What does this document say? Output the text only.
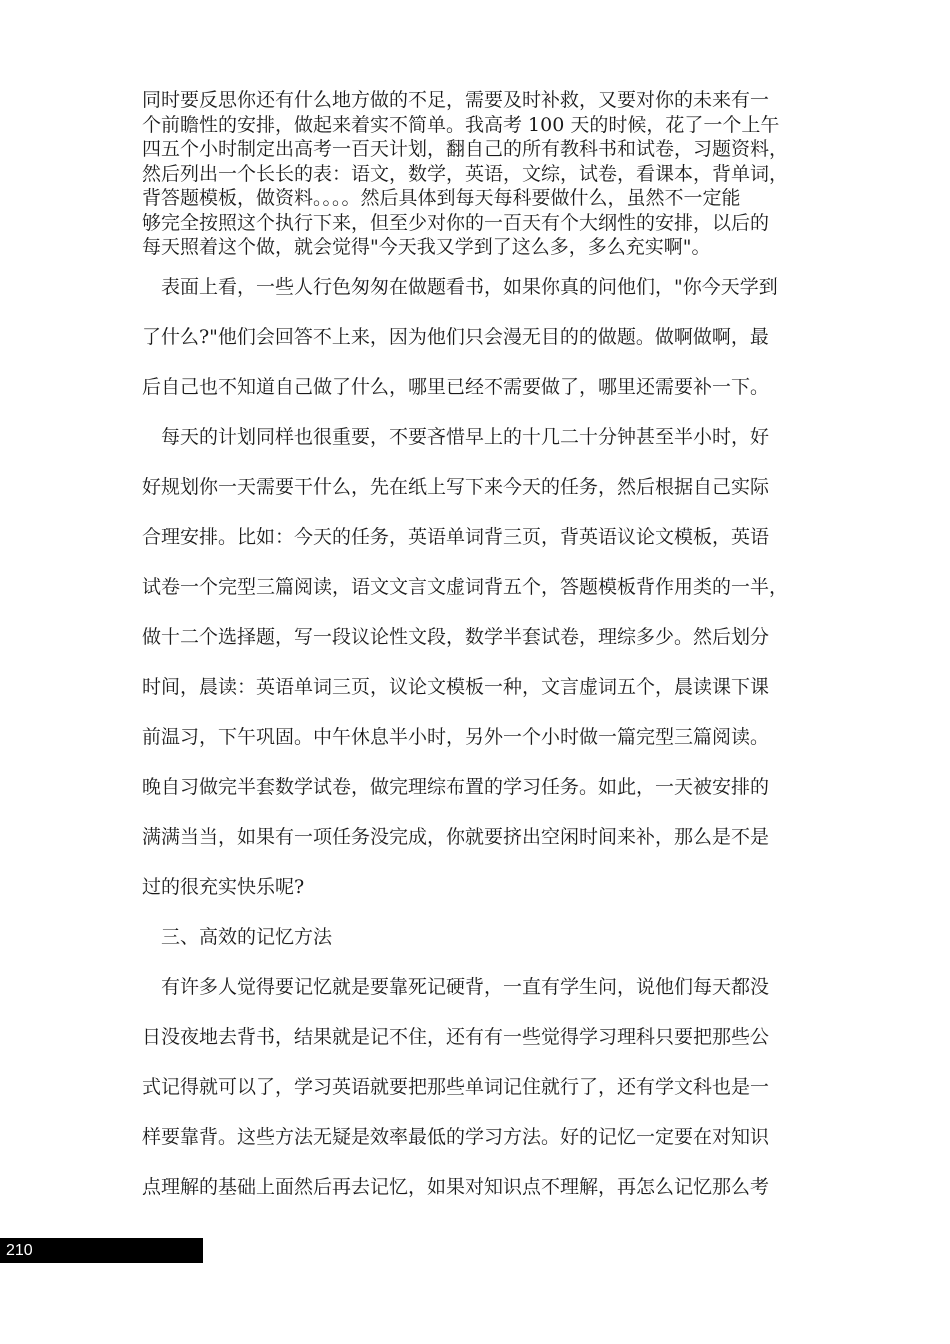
同时要反思你还有什么地方做的不足，需要及时补救，又要对你的未来有一
个前瞻性的安排，做起来着实不简单。我高考 100 天的时候，花了一个上午
四五个小时制定出高考一百天计划，翻自己的所有教科书和试卷，习题资料，
然后列出一个长长的表：语文，数学，英语，文综，试卷，看课本，背单词，
背答题模板，做资料。。。。然后具体到每天每科要做什么，虽然不一定能
够完全按照这个执行下来，但至少对你的一百天有个大纲性的安排，以后的
每天照着这个做，就会觉得"今天我又学到了这么多，多么充实啊"。
　表面上看，一些人行色匆匆在做题看书，如果你真的问他们，"你今天学到
了什么?"他们会回答不上来，因为他们只会漫无目的的做题。做啊做啊，最
后自己也不知道自己做了什么，哪里已经不需要做了，哪里还需要补一下。
　每天的计划同样也很重要，不要吝惜早上的十几二十分钟甚至半小时，好
好规划你一天需要干什么，先在纸上写下来今天的任务，然后根据自己实际
合理安排。比如：今天的任务，英语单词背三页，背英语议论文模板，英语
试卷一个完型三篇阅读，语文文言文虚词背五个，答题模板背作用类的一半，
做十二个选择题，写一段议论性文段，数学半套试卷，理综多少。然后划分
时间，晨读：英语单词三页，议论文模板一种，文言虚词五个，晨读课下课
前温习，下午巩固。中午休息半小时，另外一个小时做一篇完型三篇阅读。
晚自习做完半套数学试卷，做完理综布置的学习任务。如此，一天被安排的
满满当当，如果有一项任务没完成，你就要挤出空闲时间来补，那么是不是
过的很充实快乐呢?
　三、高效的记忆方法
　有许多人觉得要记忆就是要靠死记硬背，一直有学生问，说他们每天都没
日没夜地去背书，结果就是记不住，还有有一些觉得学习理科只要把那些公
式记得就可以了，学习英语就要把那些单词记住就行了，还有学文科也是一
样要靠背。这些方法无疑是效率最低的学习方法。好的记忆一定要在对知识
点理解的基础上面然后再去记忆，如果对知识点不理解，再怎么记忆那么考
210
